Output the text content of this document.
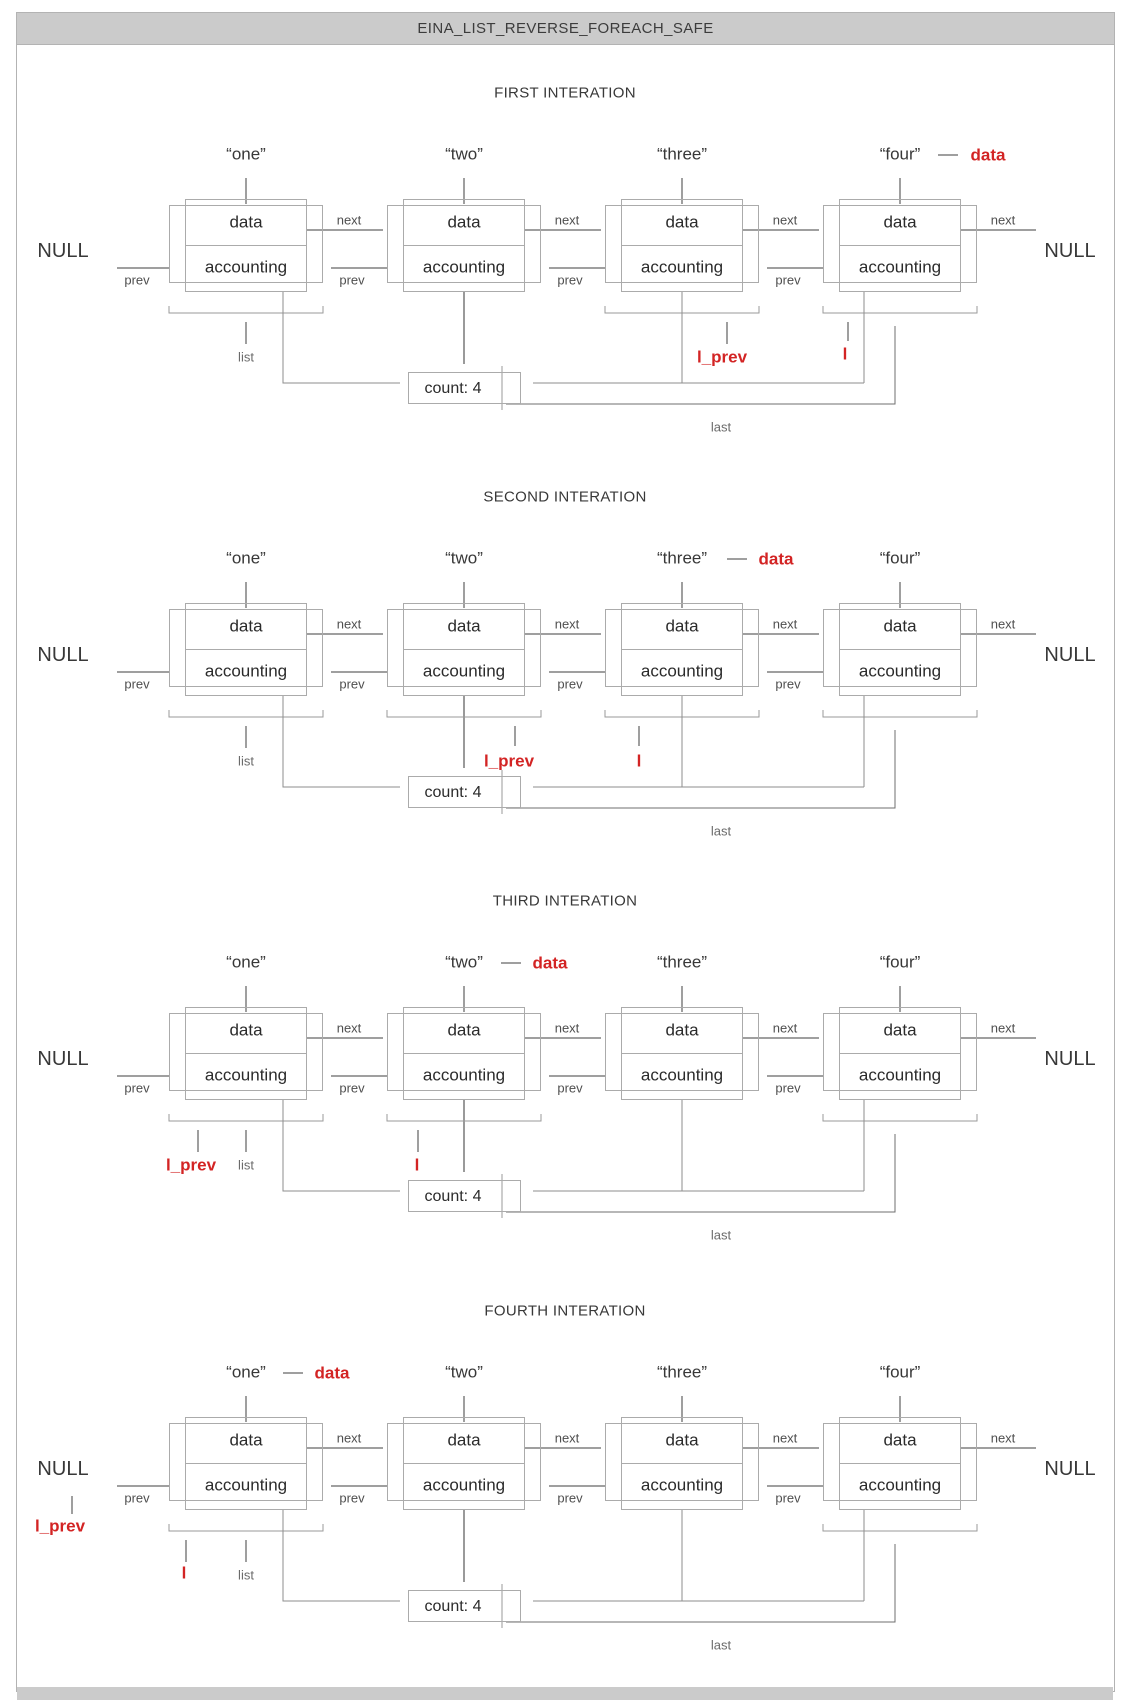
EINA_LIST_REVERSE_FOREACH_SAFE
FIRST INTERATION
“one”
data
accounting
“two”
data
accounting
“three”
data
accounting
“four”
data
accounting
next	next	next	next
prev	prev	prev	prev
NULL	NULL
count: 4
list
last
l_prev	l
data
SECOND INTERATION
“one”
data
accounting
“two”
data
accounting
“three”
data
accounting
“four”
data
accounting
next	next	next	next
prev	prev	prev	prev
NULL	NULL
count: 4
list
last
l_prev	l
data
THIRD INTERATION
“one”
data
accounting
“two”
data
accounting
“three”
data
accounting
“four”
data
accounting
next	next	next	next
prev	prev	prev	prev
NULL	NULL
count: 4
list
last
l_prev	l
data
FOURTH INTERATION
“one”
data
accounting
“two”
data
accounting
“three”
data
accounting
“four”
data
accounting
next	next	next	next
prev	prev	prev	prev
NULL	NULL
count: 4
list
last
l_prev
l
data
